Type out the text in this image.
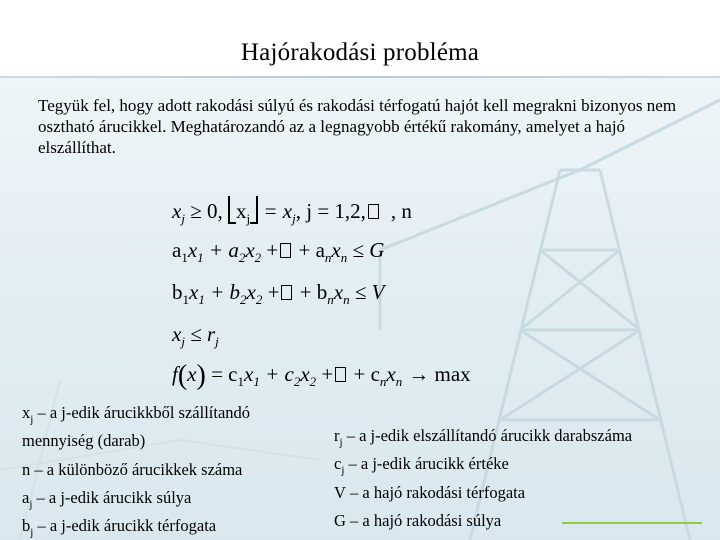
Hajórakodási probléma

Tegyük fel, hogy adott rakodási súlyú és rakodási térfogatú hajót kell megrakni bizonyos nem osztható árucikkel. Meghatározandó az a legnagyobb értékű rakomány, amelyet a hajó elszállíthat.

$x_j \ge 0$, $x_j = x_j$, j = 1,2, , n
$a_1x_1 + a_2x_2$ + + $a_nx_n \le G$
$b_1x_1 + b_2x_2$ + + $b_nx_n \le V$
$x_j \le r_j$
$f(x) = c_1x_1 + c_2x_2$ + + $c_nx_n \to \max$
$x_j$ – a j-edik árucikkből szállítandó
mennyiség (darab)
n – a különböző árucikkek száma
$a_j$ – a j-edik árucikk súlya
$b_j$ – a j-edik árucikk térfogata
$r_j$ – a j-edik elszállítandó árucikk darabszáma
$c_j$ – a j-edik árucikk értéke
V – a hajó rakodási térfogata
G – a hajó rakodási súlya
